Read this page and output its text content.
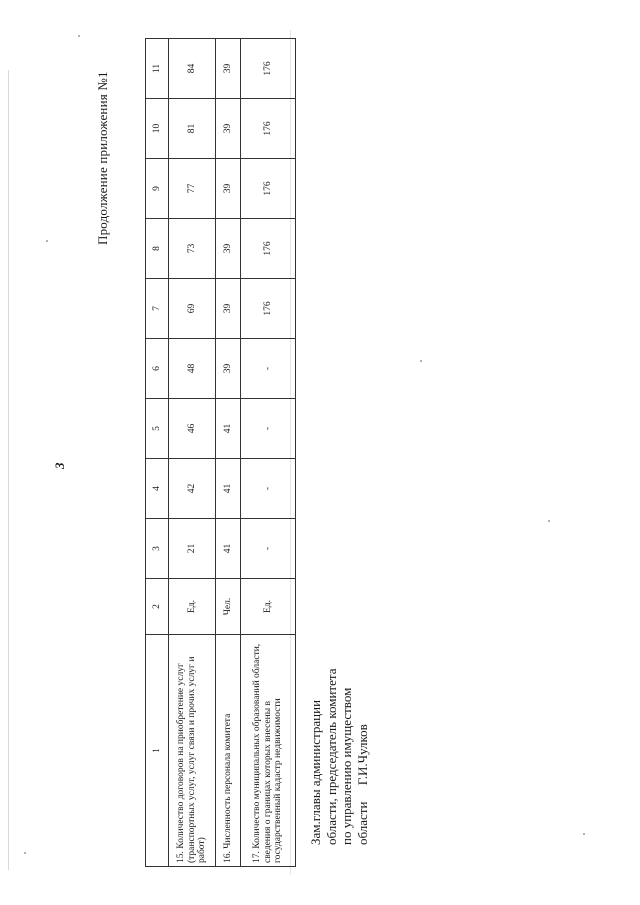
Продолжение приложения №1
3
1	2	3	4	5	6	7	8	9	10	11
15. Количество договоров на приобретение услуг (транспортных услуг, услуг связи и прочих услуг и работ)	Ед.	21	42	46	48	69	73	77	81	84
16. Численность персонала комитета	Чел.	41	41	41	39	39	39	39	39	39
17. Количество муниципальных образований области, сведения о границах которых внесены в государственный кадастр недвижимости	Ед.	-	-	-	-	176	176	176	176	176
Зам.главы администрации области, председатель комитета по управлению имуществом области     Г.И.Чулков
